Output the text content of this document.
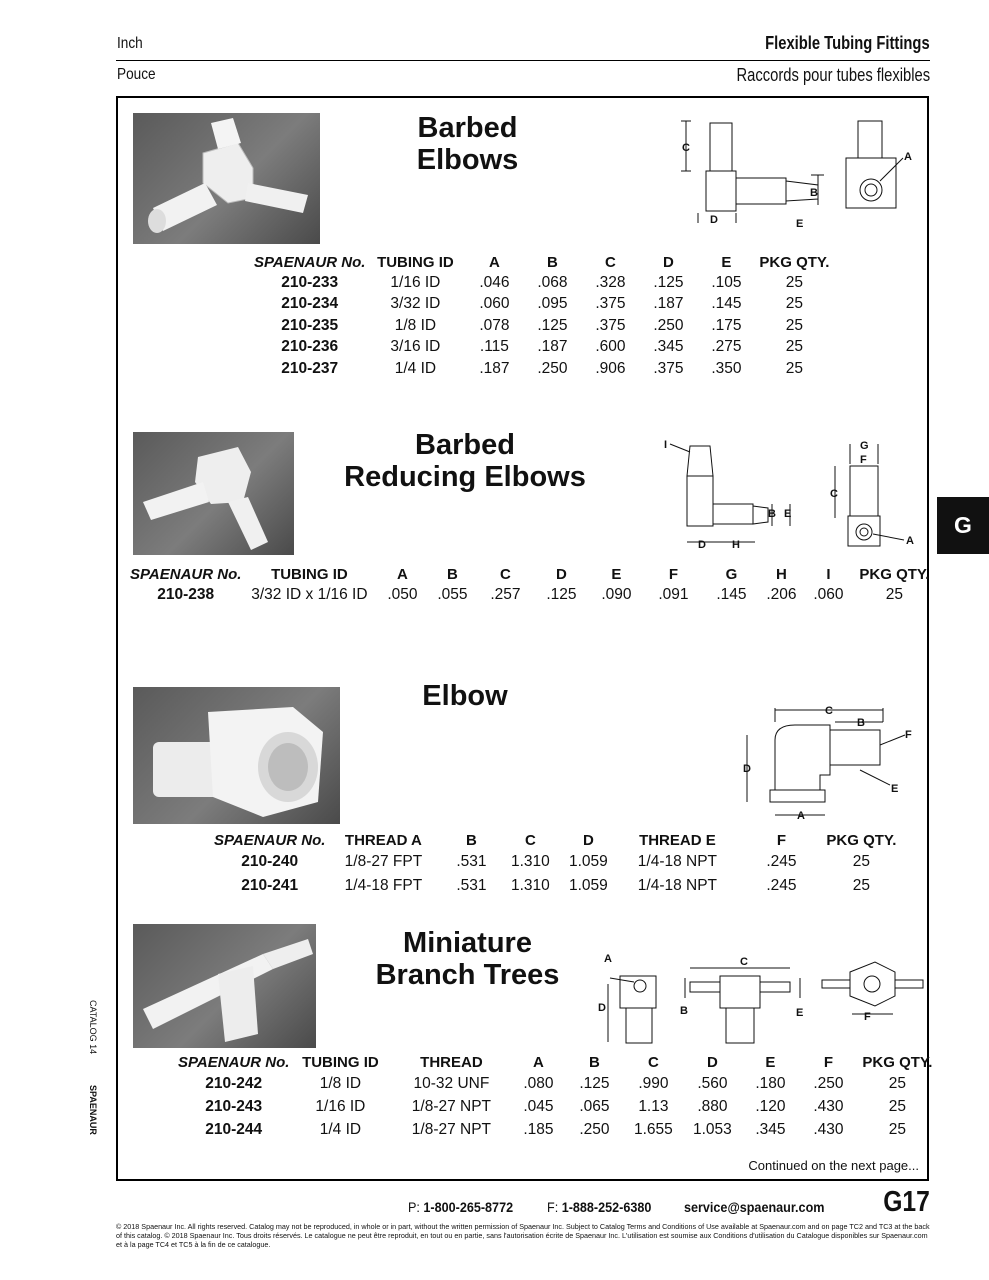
Inch	Flexible Tubing Fittings
Pouce	Raccords pour tubes flexibles
G
CATALOG 14
SPAENAUR
Barbed
Elbows	C
B
E
D
A
SPAENAUR No.	TUBING ID	A	B	C	D	E	PKG QTY.
210-233	1/16 ID	.046	.068	.328	.125	.105	25
210-234	3/32 ID	.060	.095	.375	.187	.145	25
210-235	1/8 ID	.078	.125	.375	.250	.175	25
210-236	3/16 ID	.115	.187	.600	.345	.275	25
210-237	1/4 ID	.187	.250	.906	.375	.350	25
Barbed
Reducing Elbows
I
B E
D H
G
F
C
A
SPAENAUR No.	TUBING ID	A	B	C	D	E	F	G	H	I	PKG QTY.
210-238	3/32 ID x 1/16 ID	.050	.055	.257	.125	.090	.091	.145	.206	.060	25
Elbow	C
B
F
D
E
A
SPAENAUR No.	THREAD A	B	C	D	THREAD E	F	PKG QTY.
210-240	1/8-27 FPT	.531	1.310	1.059	1/4-18 NPT	.245	25
210-241	1/4-18 FPT	.531	1.310	1.059	1/4-18 NPT	.245	25
Miniature
Branch Trees	A
D
C
B	E	F
SPAENAUR No.	TUBING ID	THREAD	A	B	C	D	E	F	PKG QTY.
210-242	1/8 ID	10-32 UNF	.080	.125	.990	.560	.180	.250	25
210-243	1/16 ID	1/8-27 NPT	.045	.065	1.13	.880	.120	.430	25
210-244	1/4 ID	1/8-27 NPT	.185	.250	1.655	1.053	.345	.430	25
Continued on the next page...
P: 1-800-265-8772 F: 1-888-252-6380 service@spaenaur.com G17
© 2018 Spaenaur Inc. All rights reserved. Catalog may not be reproduced, in whole or in part, without the written permission of Spaenaur Inc. Subject to Catalog Terms and Conditions of Use available at Spaenaur.com and on page TC2 and TC3 at the back of this catalog. © 2018 Spaenaur Inc. Tous droits réservés. Le catalogue ne peut être reproduit, en tout ou en partie, sans l'autorisation écrite de Spaenaur Inc. L'utilisation est soumise aux Conditions d'utilisation du Catalogue disponibles sur Spaenaur.com et à la page TC4 et TC5 à la fin de ce catalogue.
